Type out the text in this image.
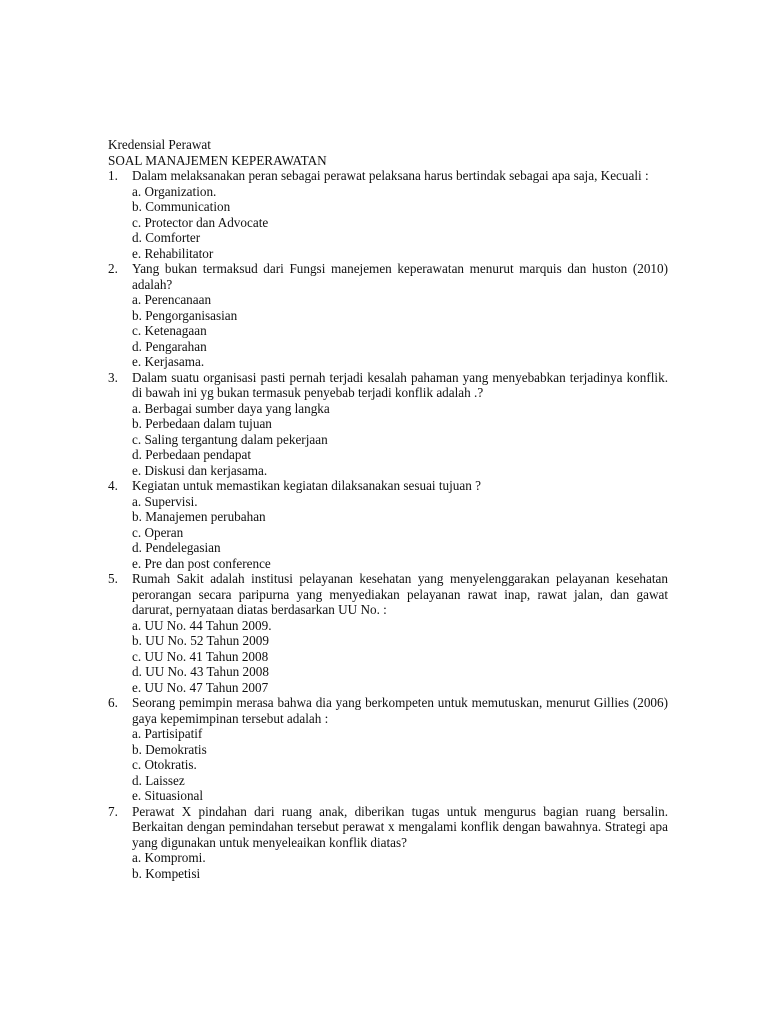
Kredensial Perawat
SOAL MANAJEMEN KEPERAWATAN
1. Dalam melaksanakan peran sebagai perawat pelaksana harus bertindak sebagai apa saja, Kecuali :
a. Organization.
b. Communication
c. Protector dan Advocate
d. Comforter
e. Rehabilitator
2. Yang bukan termaksud dari Fungsi manejemen keperawatan menurut marquis dan huston (2010) adalah?
a. Perencanaan
b. Pengorganisasian
c. Ketenagaan
d. Pengarahan
e. Kerjasama.
3. Dalam suatu organisasi pasti pernah terjadi kesalah pahaman yang menyebabkan terjadinya konflik. di bawah ini yg bukan termasuk penyebab terjadi konflik adalah .?
a. Berbagai sumber daya yang langka
b. Perbedaan dalam tujuan
c. Saling tergantung dalam pekerjaan
d. Perbedaan pendapat
e. Diskusi dan kerjasama.
4. Kegiatan untuk memastikan kegiatan dilaksanakan sesuai tujuan ?
a. Supervisi.
b. Manajemen perubahan
c. Operan
d. Pendelegasian
e. Pre dan post conference
5. Rumah Sakit adalah institusi pelayanan kesehatan yang menyelenggarakan pelayanan kesehatan perorangan secara paripurna yang menyediakan pelayanan rawat inap, rawat jalan, dan gawat darurat, pernyataan diatas berdasarkan UU No. :
a. UU No. 44 Tahun 2009.
b. UU No. 52 Tahun 2009
c. UU No. 41 Tahun 2008
d. UU No. 43 Tahun 2008
e. UU No. 47 Tahun 2007
6. Seorang pemimpin merasa bahwa dia yang berkompeten untuk memutuskan, menurut Gillies (2006) gaya kepemimpinan tersebut adalah :
a. Partisipatif
b. Demokratis
c. Otokratis.
d. Laissez
e. Situasional
7. Perawat X pindahan dari ruang anak, diberikan tugas untuk mengurus bagian ruang bersalin. Berkaitan dengan pemindahan tersebut perawat x mengalami konflik dengan bawahnya. Strategi apa yang digunakan untuk menyeleaikan konflik diatas?
a. Kompromi.
b. Kompetisi
